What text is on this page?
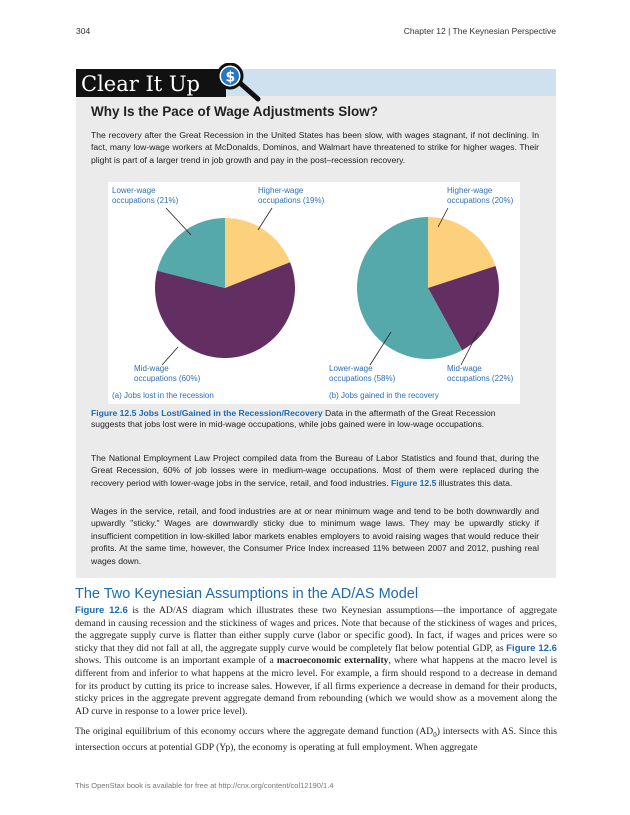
304	Chapter 12 | The Keynesian Perspective
Clear It Up $
Why Is the Pace of Wage Adjustments Slow?
The recovery after the Great Recession in the United States has been slow, with wages stagnant, if not declining. In fact, many low-wage workers at McDonalds, Dominos, and Walmart have threatened to strike for higher wages. Their plight is part of a larger trend in job growth and pay in the post–recession recovery.
Lower-wage
occupations (21%)
Higher-wage
occupations (19%)
Mid-wage
occupations (60%)
(a) Jobs lost in the recession
Higher-wage
occupations (20%)
Lower-wage
occupations (58%)
Mid-wage
occupations (22%)
(b) Jobs gained in the recovery
Figure 12.5 Jobs Lost/Gained in the Recession/Recovery Data in the aftermath of the Great Recession suggests that jobs lost were in mid-wage occupations, while jobs gained were in low-wage occupations.
The National Employment Law Project compiled data from the Bureau of Labor Statistics and found that, during the Great Recession, 60% of job losses were in medium-wage occupations. Most of them were replaced during the recovery period with lower-wage jobs in the service, retail, and food industries. Figure 12.5 illustrates this data.
Wages in the service, retail, and food industries are at or near minimum wage and tend to be both downwardly and upwardly "sticky." Wages are downwardly sticky due to minimum wage laws. They may be upwardly sticky if insufficient competition in low-skilled labor markets enables employers to avoid raising wages that would reduce their profits. At the same time, however, the Consumer Price Index increased 11% between 2007 and 2012, pushing real wages down.
The Two Keynesian Assumptions in the AD/AS Model
Figure 12.6 is the AD/AS diagram which illustrates these two Keynesian assumptions—the importance of aggregate demand in causing recession and the stickiness of wages and prices. Note that because of the stickiness of wages and prices, the aggregate supply curve is flatter than either supply curve (labor or specific good). In fact, if wages and prices were so sticky that they did not fall at all, the aggregate supply curve would be completely flat below potential GDP, as Figure 12.6 shows. This outcome is an important example of a macroeconomic externality, where what happens at the macro level is different from and inferior to what happens at the micro level. For example, a firm should respond to a decrease in demand for its product by cutting its price to increase sales. However, if all firms experience a decrease in demand for their products, sticky prices in the aggregate prevent aggregate demand from rebounding (which we would show as a movement along the AD curve in response to a lower price level).
The original equilibrium of this economy occurs where the aggregate demand function $(AD_0)$ intersects with AS. Since this intersection occurs at potential GDP (Yp), the economy is operating at full employment. When aggregate
This OpenStax book is available for free at http://cnx.org/content/col12190/1.4
